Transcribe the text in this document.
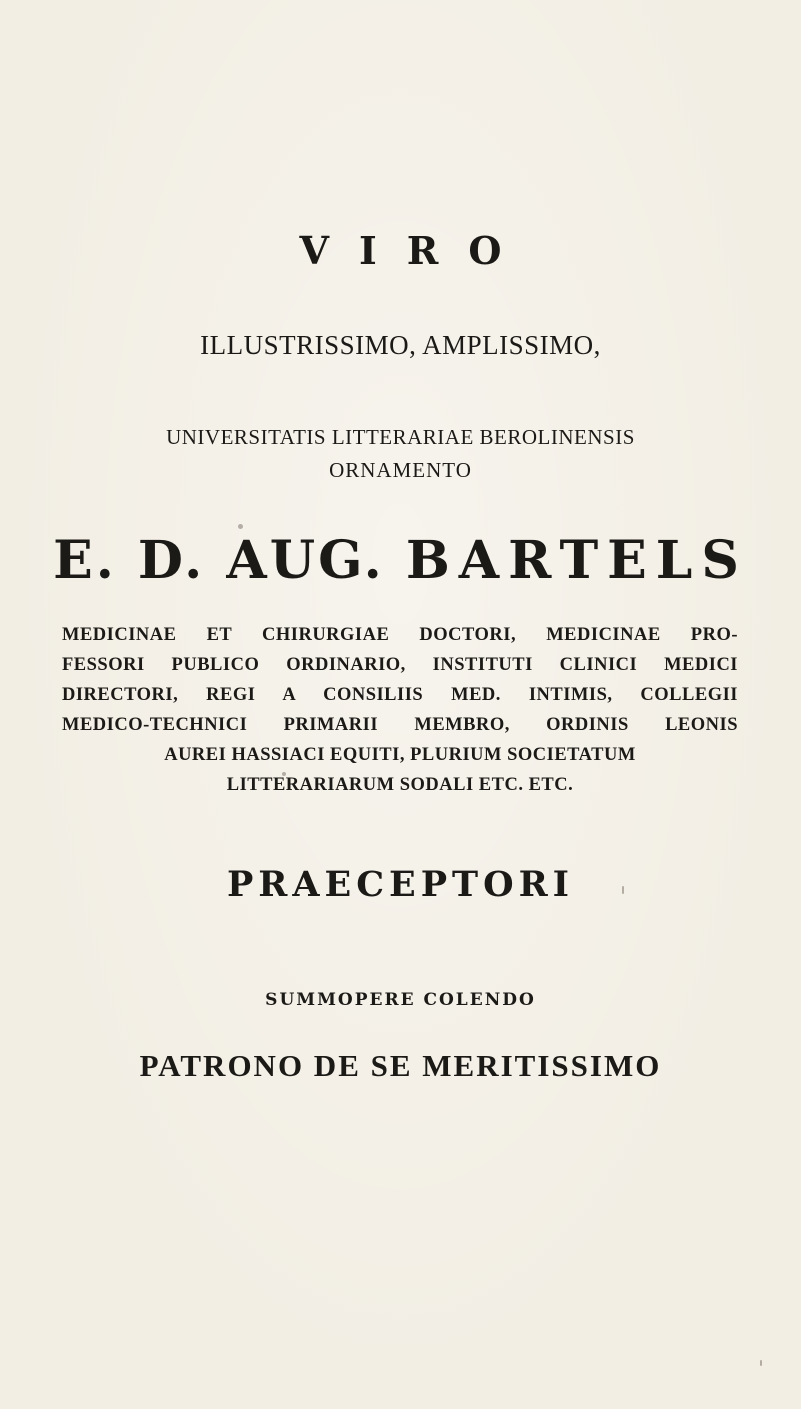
VIRO
ILLUSTRISSIMO, AMPLISSIMO,
UNIVERSITATIS LITTERARIAE BEROLINENSIS
ORNAMENTO
E. D. AUG. BARTELS
MEDICINAE ET CHIRURGIAE DOCTORI, MEDICINAE PRO-
FESSORI PUBLICO ORDINARIO, INSTITUTI CLINICI MEDICI
DIRECTORI, REGI A CONSILIIS MED. INTIMIS, COLLEGII
MEDICO-TECHNICI PRIMARII MEMBRO, ORDINIS LEONIS
AUREI HASSIACI EQUITI, PLURIUM SOCIETATUM
LITTERARIARUM SODALI ETC. ETC.
PRAECEPTORI
SUMMOPERE COLENDO
PATRONO DE SE MERITISSIMO
